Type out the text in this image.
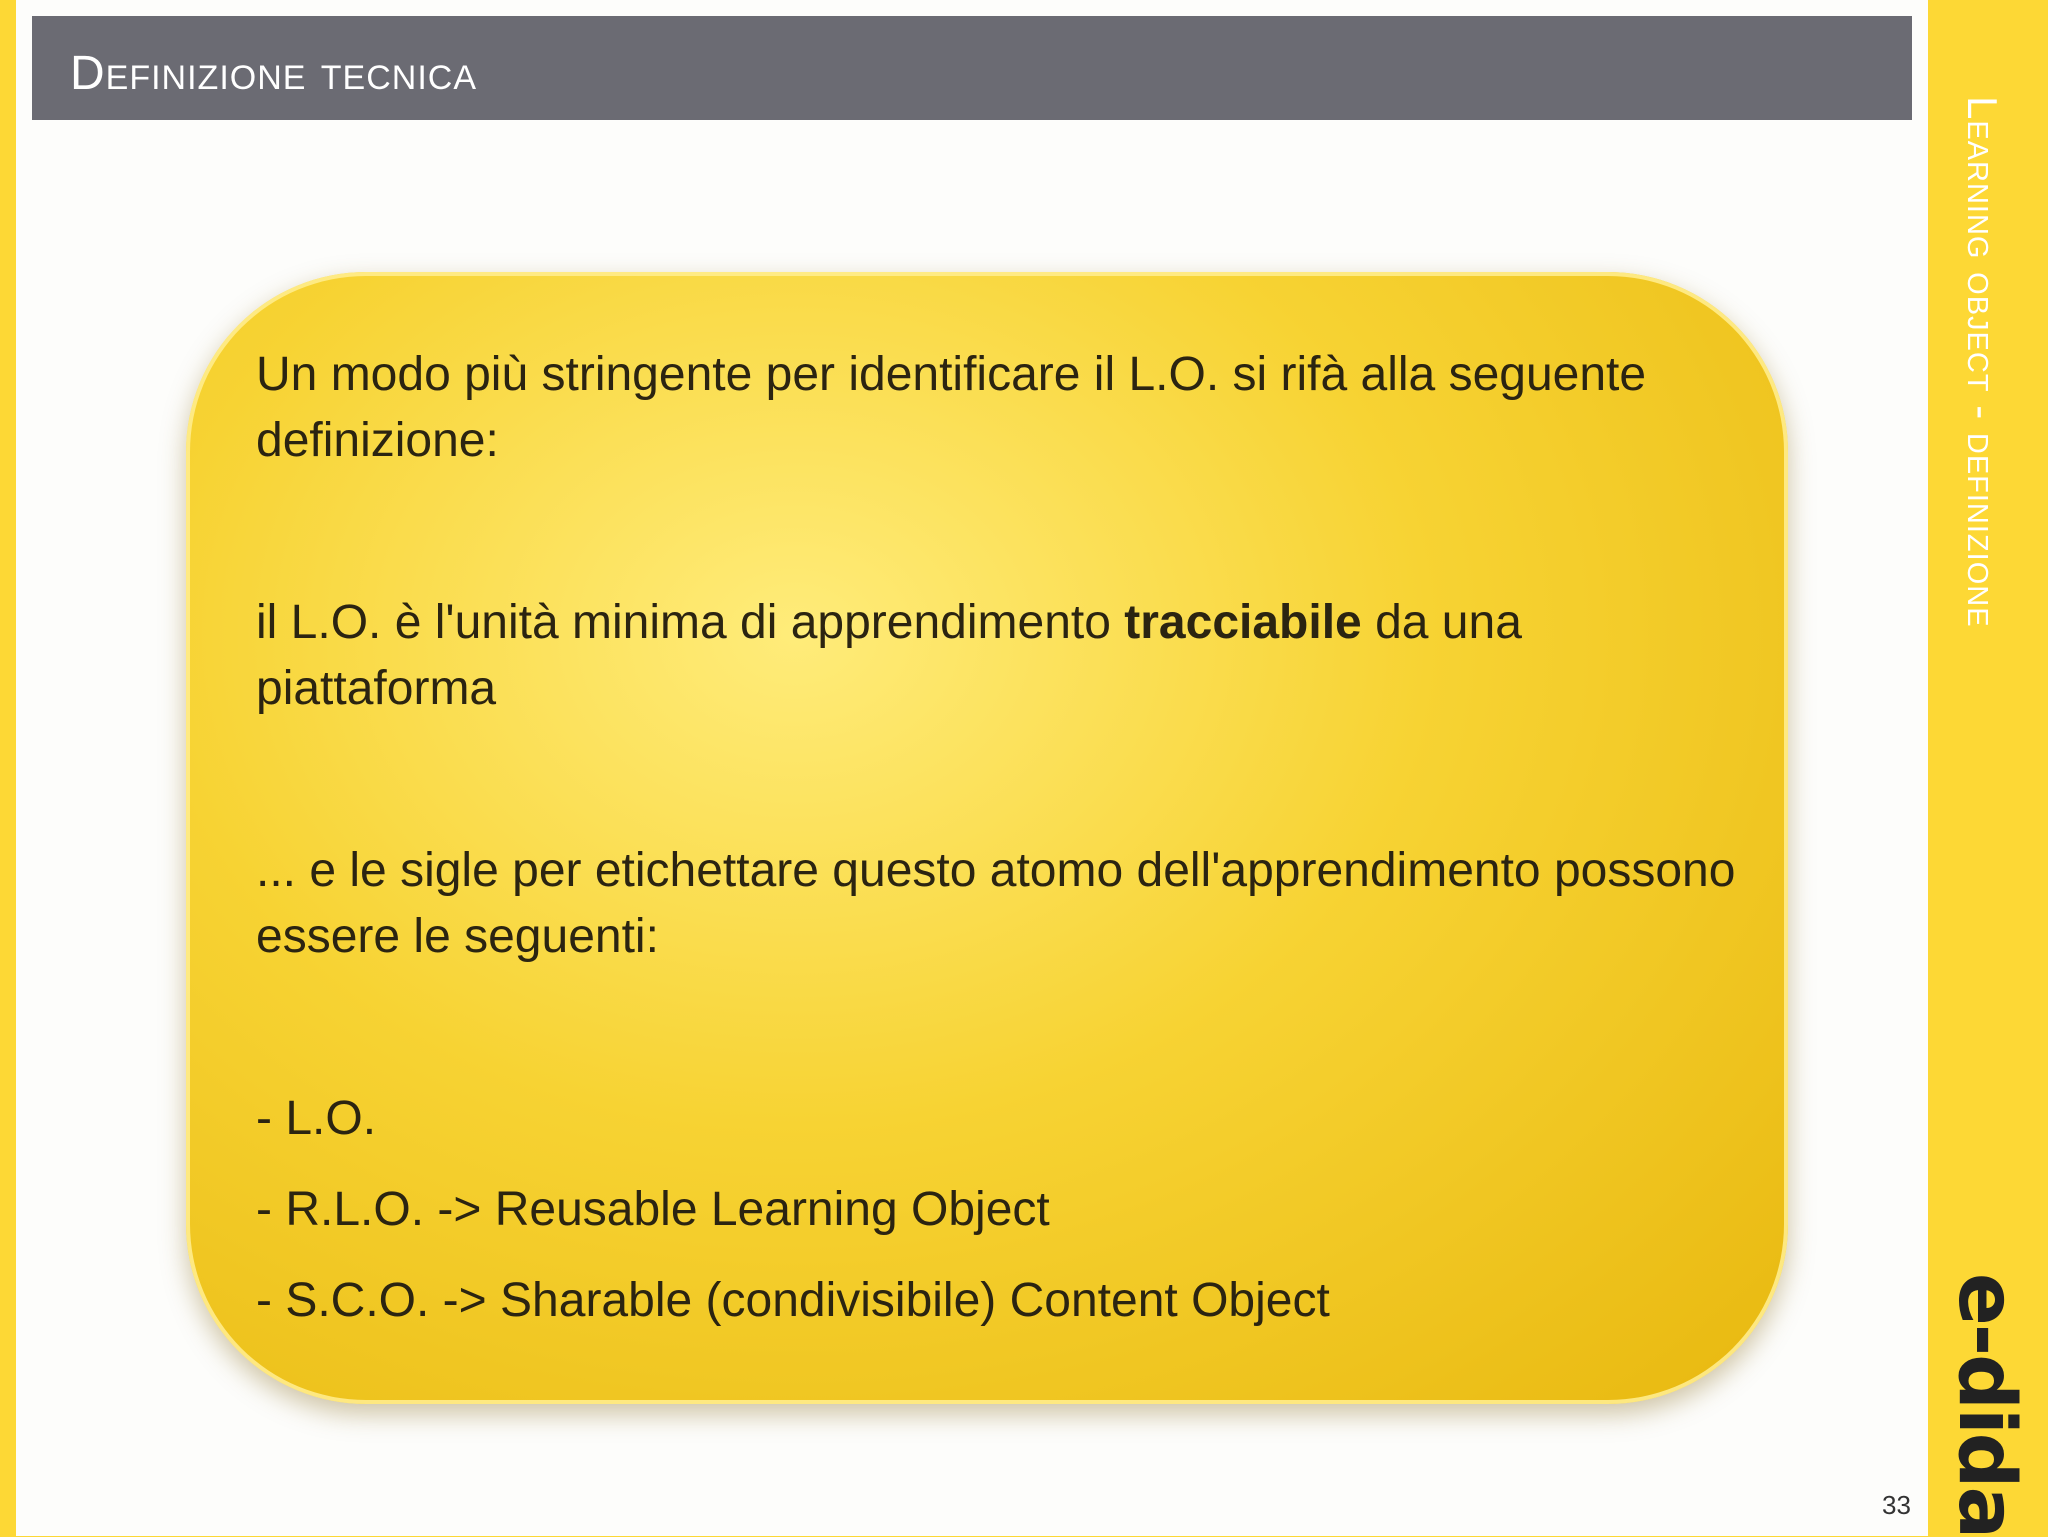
Definizione tecnica

Un modo più stringente per identificare il L.O. si rifà alla seguente definizione:

il L.O. è l'unità minima di apprendimento tracciabile da una piattaforma

... e le sigle per etichettare questo atomo dell'apprendimento possono essere le seguenti:

- L.O.
- R.L.O. -> Reusable Learning Object
- S.C.O. -> Sharable (condivisibile) Content Object
33
Learning object - definizione
e-dida
